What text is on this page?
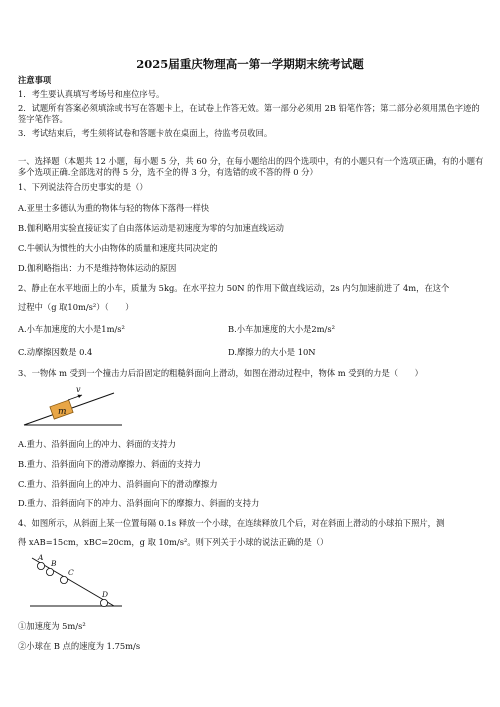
2025届重庆物理高一第一学期期末统考试题
注意事项
1．考生要认真填写考场号和座位序号。
2．试题所有答案必须填涂或书写在答题卡上，在试卷上作答无效。第一部分必须用 2B 铅笔作答；第二部分必须用黑色字迹的签字笔作答。
3．考试结束后，考生须将试卷和答题卡放在桌面上，待监考员收回。
一、选择题（本题共 12 小题，每小题 5 分，共 60 分，在每小题给出的四个选项中，有的小题只有一个选项正确，有的小题有多个选项正确.全部选对的得 5 分，选不全的得 3 分，有选错的或不答的得 0 分）
1、下列说法符合历史事实的是（）
A.亚里士多德认为重的物体与轻的物体下落得一样快
B.伽利略用实验直接证实了自由落体运动是初速度为零的匀加速直线运动
C.牛顿认为惯性的大小由物体的质量和速度共同决定的
D.伽利略指出：力不是维持物体运动的原因
2、静止在水平地面上的小车，质量为 5kg。在水平拉力 50N 的作用下做直线运动，2s 内匀加速前进了 4m，在这个
过程中（g 取10m/s²）（　　）
A.小车加速度的大小是1m/s²	B.小车加速度的大小是2m/s²
C.动摩擦因数是 0.4	D.摩擦力的大小是 10N
3、一物体 m 受到一个撞击力后沿固定的粗糙斜面向上滑动，如图在滑动过程中，物体 m 受到的力是（　　）
m
v
A.重力、沿斜面向上的冲力、斜面的支持力
B.重力、沿斜面向下的滑动摩擦力、斜面的支持力
C.重力、沿斜面向上的冲力、沿斜面向下的滑动摩擦力
D.重力、沿斜面向下的冲力、沿斜面向下的摩擦力、斜面的支持力
4、如图所示，从斜面上某一位置每隔 0.1s 释放一个小球，在连续释放几个后，对在斜面上滑动的小球拍下照片，测
得 xAB=15cm，xBC=20cm，g 取 10m/s²。则下列关于小球的说法正确的是（）
A
B
C
D
①加速度为 5m/s²
②小球在 B 点的速度为 1.75m/s
